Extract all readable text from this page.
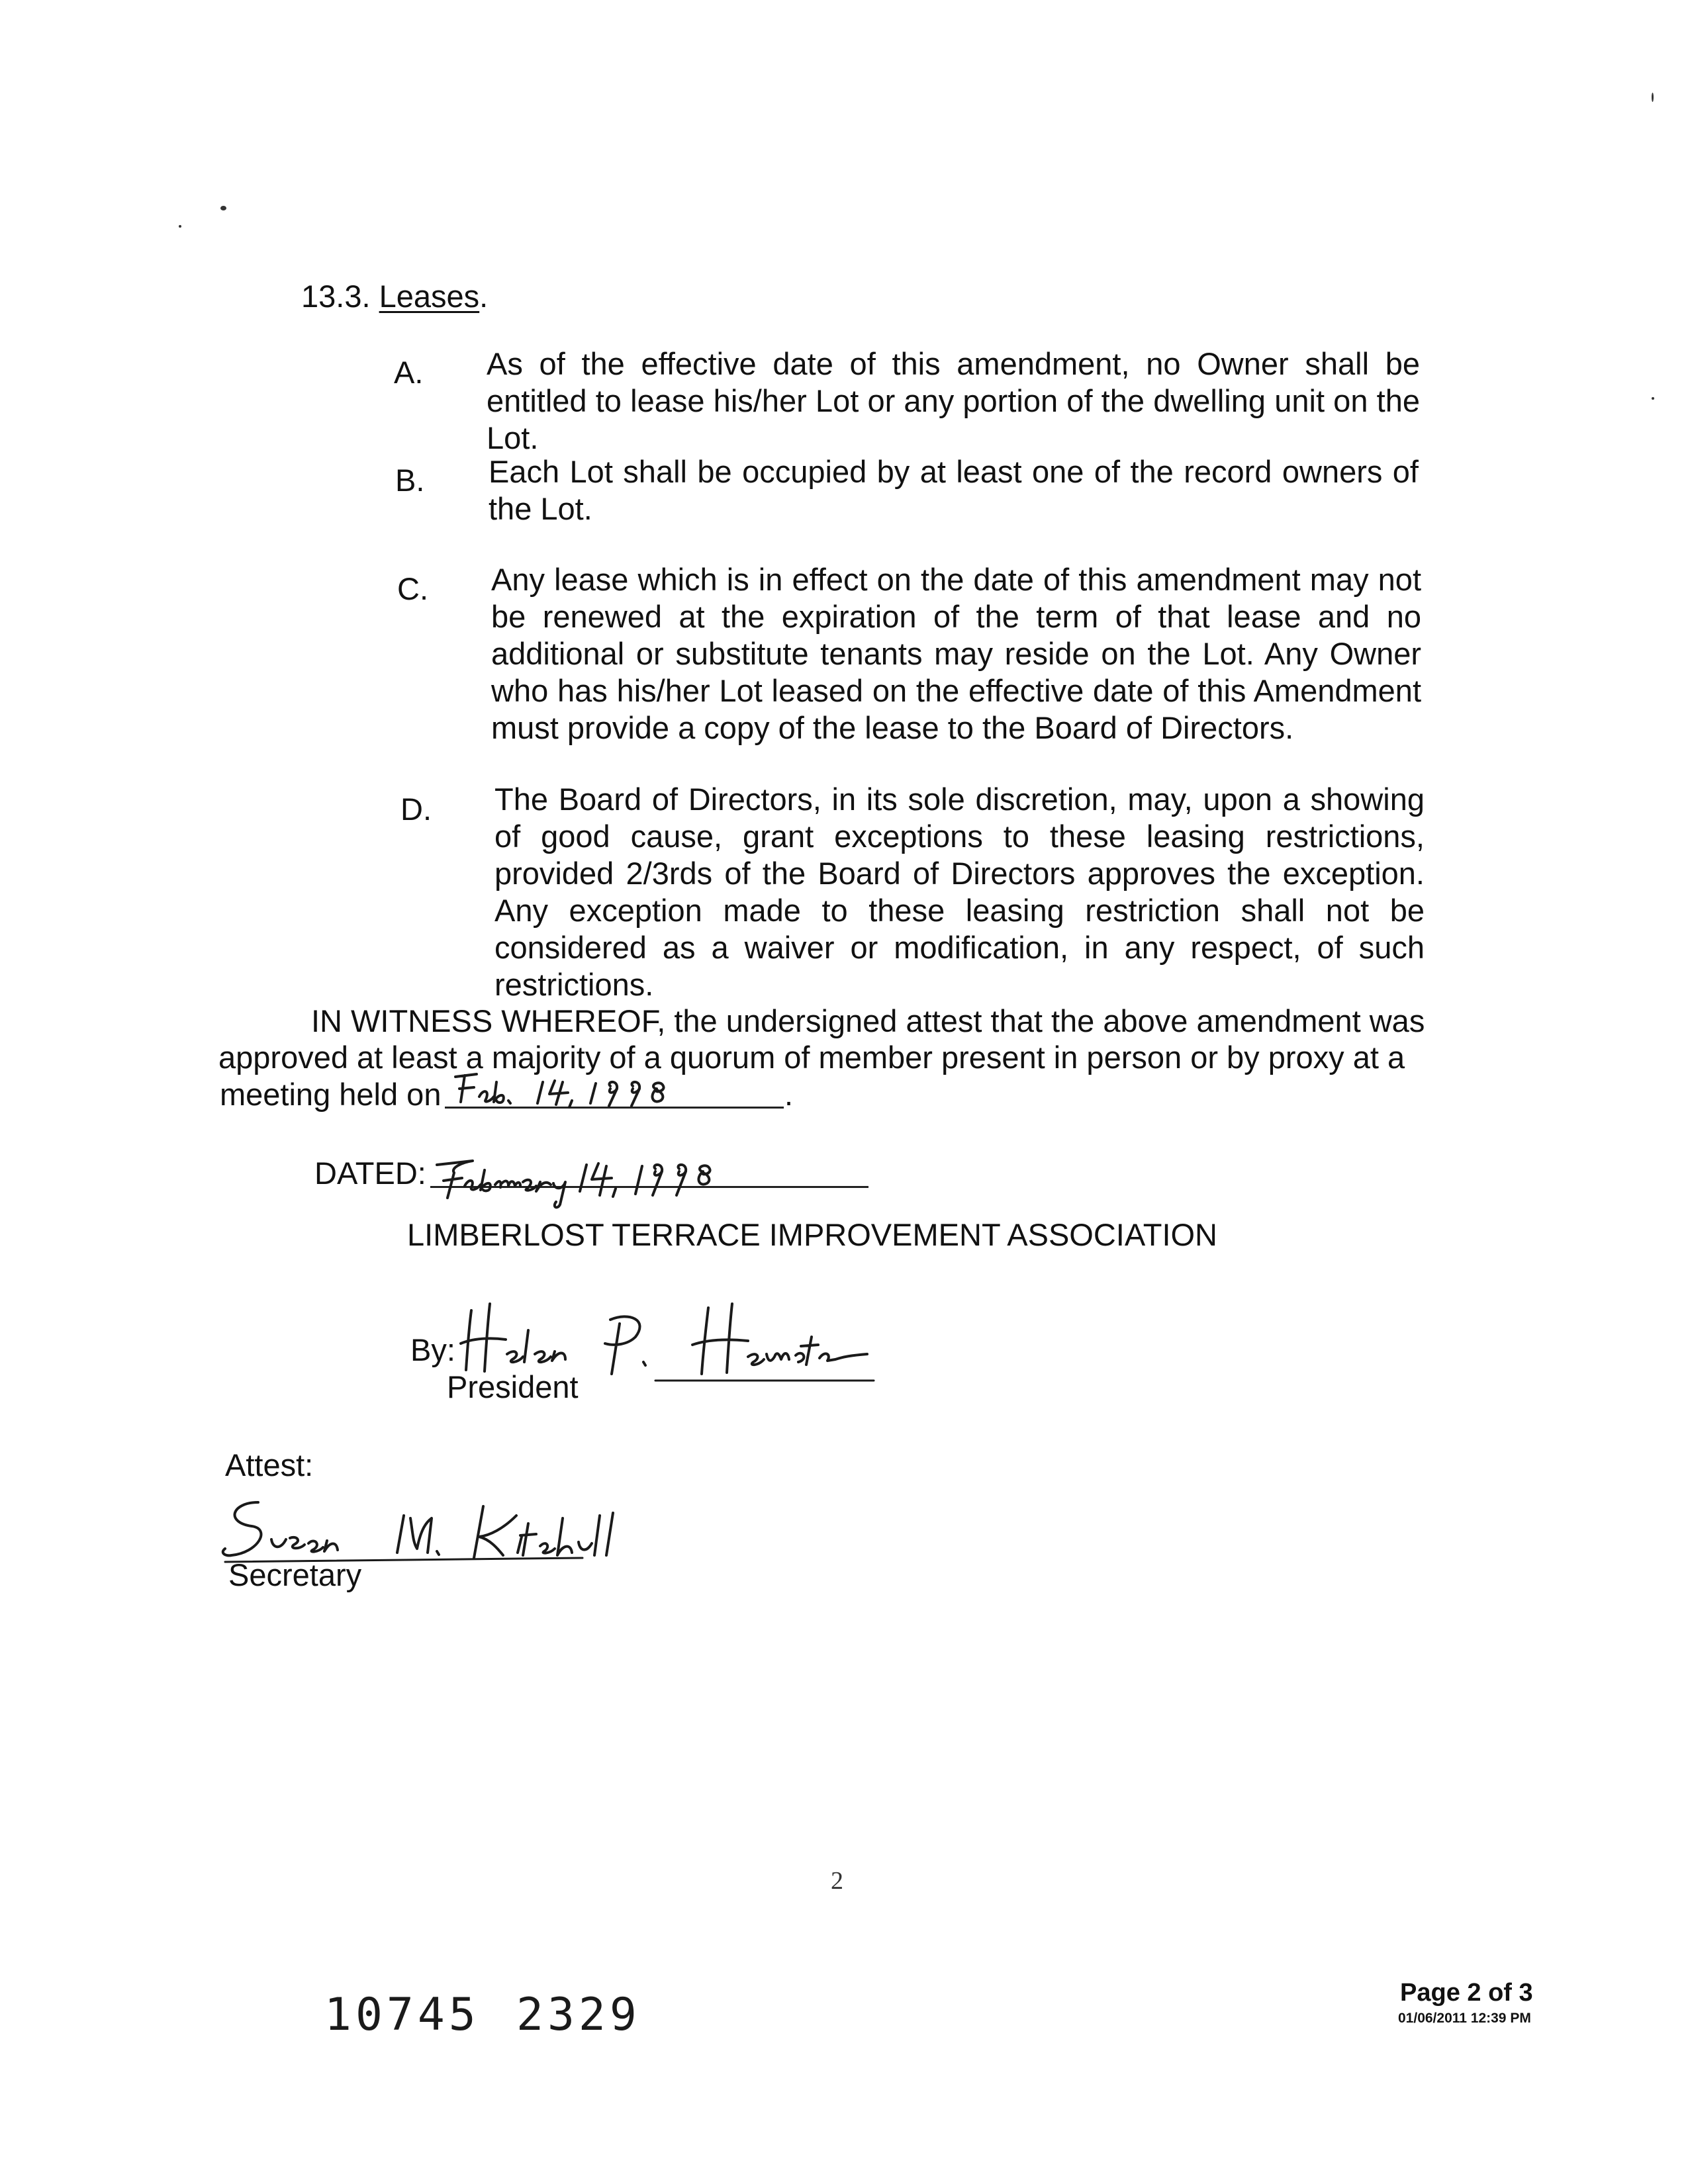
13.3. Leases.
A. As of the effective date of this amendment, no Owner shall be entitled to lease his/her Lot or any portion of the dwelling unit on the Lot.
B. Each Lot shall be occupied by at least one of the record owners of the Lot.
C. Any lease which is in effect on the date of this amendment may not be renewed at the expiration of the term of that lease and no additional or substitute tenants may reside on the Lot. Any Owner who has his/her Lot leased on the effective date of this Amendment must provide a copy of the lease to the Board of Directors.
D. The Board of Directors, in its sole discretion, may, upon a showing of good cause, grant exceptions to these leasing restrictions, provided 2/3rds of the Board of Directors approves the exception. Any exception made to these leasing restriction shall not be considered as a waiver or modification, in any respect, of such restrictions.
IN WITNESS WHEREOF, the undersigned attest that the above amendment was
approved at least a majority of a quorum of member present in person or by proxy at a
meeting held on	.
DATED:
LIMBERLOST TERRACE IMPROVEMENT ASSOCIATION
By:
President
Attest:
Secretary
2
10745 2329	Page 2 of 3
01/06/2011 12:39 PM
